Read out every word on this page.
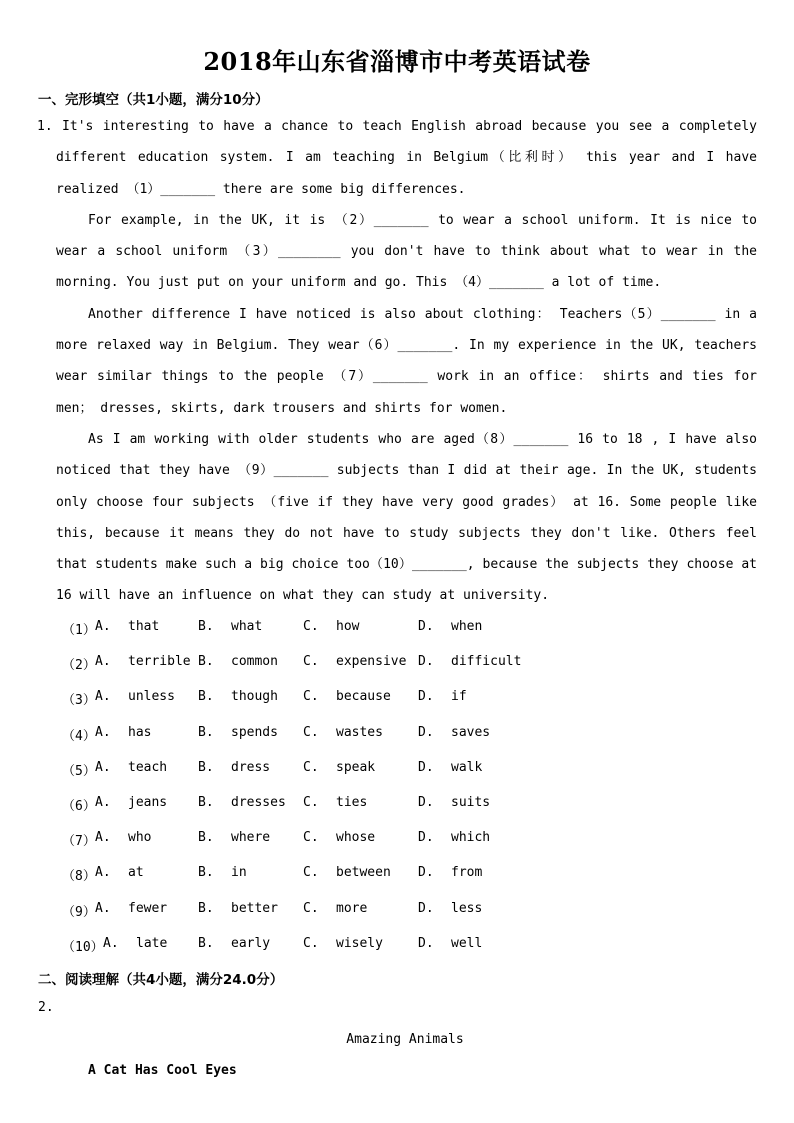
2018年山东省淄博市中考英语试卷
一、完形填空（共1小题，满分10分）

1. It's interesting to have a chance to teach English abroad because you see a completely different education system. I am teaching in Belgium（比利时） this year and I have realized （1）_______ there are some big differences.

For example, in the UK, it is （2）_______ to wear a school uniform. It is nice to wear a school uniform （3）________ you don't have to think about what to wear in the morning. You just put on your uniform and go. This （4）_______ a lot of time.

Another difference I have noticed is also about clothing： Teachers（5）_______ in a more relaxed way in Belgium. They wear（6）_______. In my experience in the UK, teachers wear similar things to the people （7）_______ work in an office： shirts and ties for men； dresses, skirts, dark trousers and shirts for women.

As I am working with older students who are aged（8）_______ 16 to 18 , I have also noticed that they have （9）_______ subjects than I did at their age. In the UK, students only choose four subjects （five if they have very good grades） at 16. Some people like this, because it means they do not have to study subjects they don't like. Others feel that students make such a big choice too（10）_______, because the subjects they choose at 16 will have an influence on what they can study at university.

（1） A. that	B. what	C. how	D. when
（2） A. terrible B. common C. expensive D. difficult
（3） A. unless B. though C. because D. if
（4） A. has	B. spends C. wastes	D. saves
（5） A. teach B. dress	C. speak	D. walk
（6） A. jeans B. dresses C. ties	D. suits
（7） A. who	B. where	C. whose	D. which
（8） A. at	B. in	C. between D. from
（9） A. fewer B. better C. more	D. less
（10） A. late B. early	C. wisely	D. well
二、阅读理解（共4小题，满分24.0分）
2.
Amazing Animals
A Cat Has Cool Eyes
